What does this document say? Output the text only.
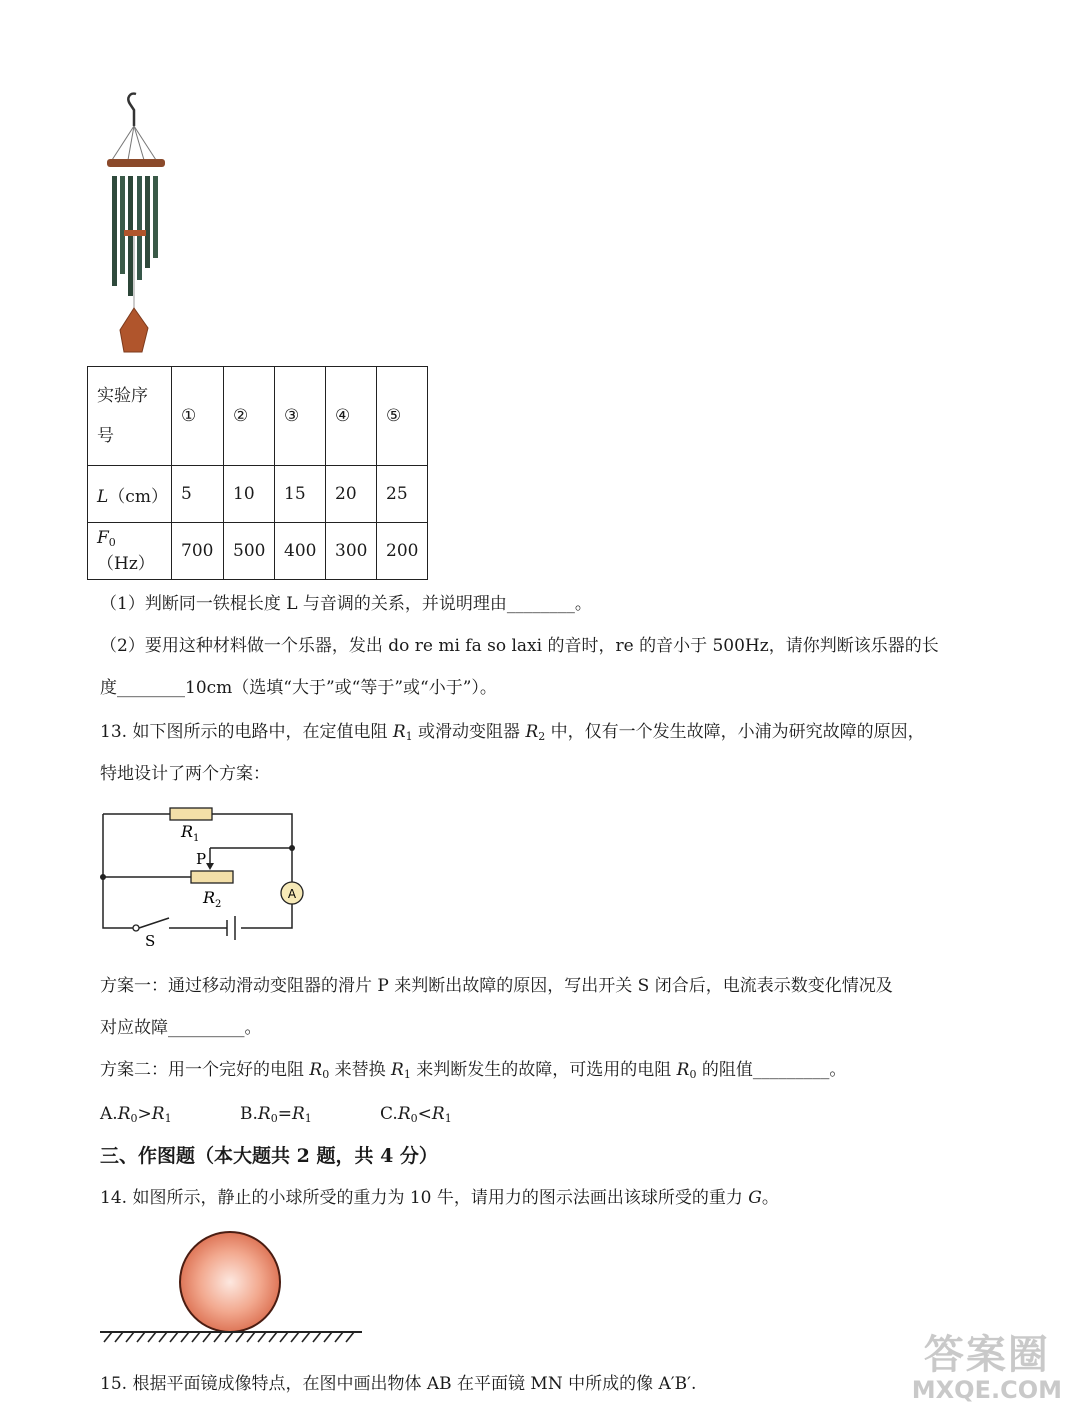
实验序
号	①	②	③	④	⑤
L（cm）	5	10	15	20	25
$F_0(Hz)$	700	500	400	300	200
（1）判断同一铁棍长度 L 与音调的关系，并说明理由________。
（2）要用这种材料做一个乐器，发出 do re mi fa so laxi 的音时，re 的音小于 500Hz，请你判断该乐器的长
度________10cm（选填“大于”或“等于”或“小于”）。
13. 如下图所示的电路中，在定值电阻 $R_1$ 或滑动变阻器 $R_2$ 中，仅有一个发生故障，小浦为研究故障的原因，
特地设计了两个方案：
$R_1$
P
$R_2$
A
S
方案一：通过移动滑动变阻器的滑片 P 来判断出故障的原因，写出开关 S 闭合后，电流表示数变化情况及
对应故障_________。
方案二：用一个完好的电阻 $R_0$ 来替换 $R_1$ 来判断发生的故障，可选用的电阻 $R_0$ 的阻值_________。
$A.R_0>R_1$	$B.R_0=R_1$	$C.R_0<R_1$
三、作图题（本大题共 2 题，共 4 分）
14. 如图所示，静止的小球所受的重力为 10 牛，请用力的图示法画出该球所受的重力 G。
15. 根据平面镜成像特点，在图中画出物体 AB 在平面镜 MN 中所成的像 A′B′.
答案圈
MXQE.COM
